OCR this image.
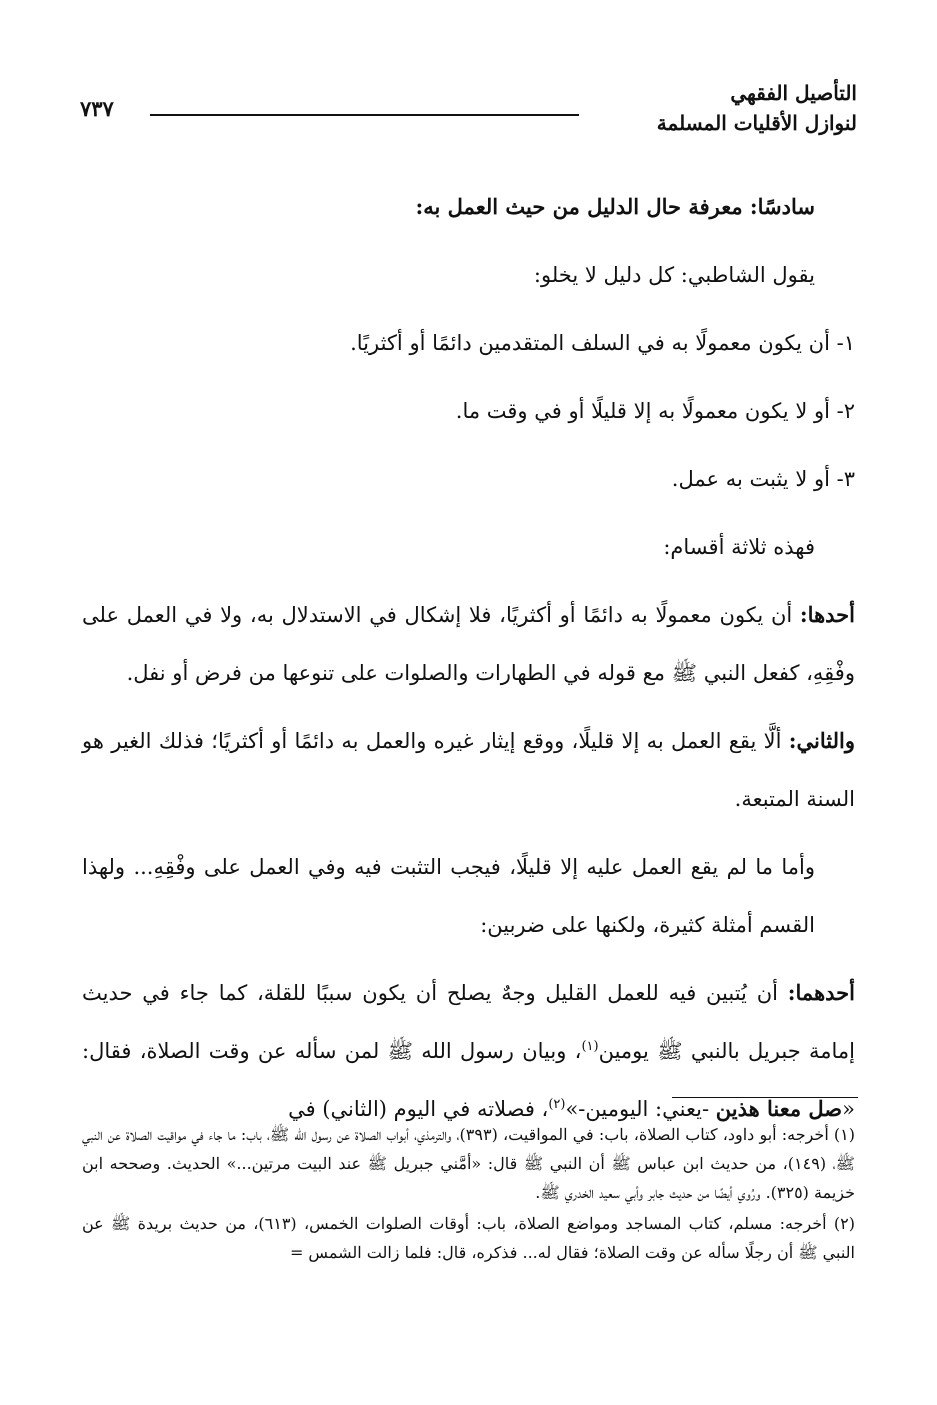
التأصيل الفقهي
لنوازل الأقليات المسلمة
٧٣٧

سادسًا: معرفة حال الدليل من حيث العمل به:

يقول الشاطبي: كل دليل لا يخلو:

١- أن يكون معمولًا به في السلف المتقدمين دائمًا أو أكثريًا.

٢- أو لا يكون معمولًا به إلا قليلًا أو في وقت ما.

٣- أو لا يثبت به عمل.

فهذه ثلاثة أقسام:

أحدها: أن يكون معمولًا به دائمًا أو أكثريًا، فلا إشكال في الاستدلال به، ولا في العمل على وفْقِهِ، كفعل النبي ﷺ مع قوله في الطهارات والصلوات على تنوعها من فرض أو نفل.

والثاني: ألَّا يقع العمل به إلا قليلًا، ووقع إيثار غيره والعمل به دائمًا أو أكثريًا؛ فذلك الغير هو السنة المتبعة.

وأما ما لم يقع العمل عليه إلا قليلًا، فيجب التثبت فيه وفي العمل على وفْقِهِ... ولهذا القسم أمثلة كثيرة، ولكنها على ضربين:

أحدهما: أن يُتبين فيه للعمل القليل وجهٌ يصلح أن يكون سببًا للقلة، كما جاء في حديث إمامة جبريل بالنبي ﷺ يومين$^{(١)}$، وبيان رسول الله ﷺ لمن سأله عن وقت الصلاة، فقال: «صل معنا هذين -يعني: اليومين-»$^{(٢)}$، فصلاته في اليوم (الثاني) في

(١) أخرجه: أبو داود، كتاب الصلاة، باب: في المواقيت، (٣٩٣)، والترمذي، أبواب الصلاة عن رسول الله ﷺ، باب: ما جاء في مواقيت الصلاة عن النبي ﷺ، (١٤٩)، من حديث ابن عباس ﷺ أن النبي ﷺ قال: «أمَّني جبريل ﷺ عند البيت مرتين...» الحديث. وصححه ابن خزيمة (٣٢٥). ورُوي أيضًا من حديث جابر وأبي سعيد الخدري ﷺ.

(٢) أخرجه: مسلم، كتاب المساجد ومواضع الصلاة، باب: أوقات الصلوات الخمس، (٦١٣)، من حديث بريدة ﷺ عن النبي ﷺ أن رجلًا سأله عن وقت الصلاة؛ فقال له... فذكره، قال: فلما زالت الشمس =
